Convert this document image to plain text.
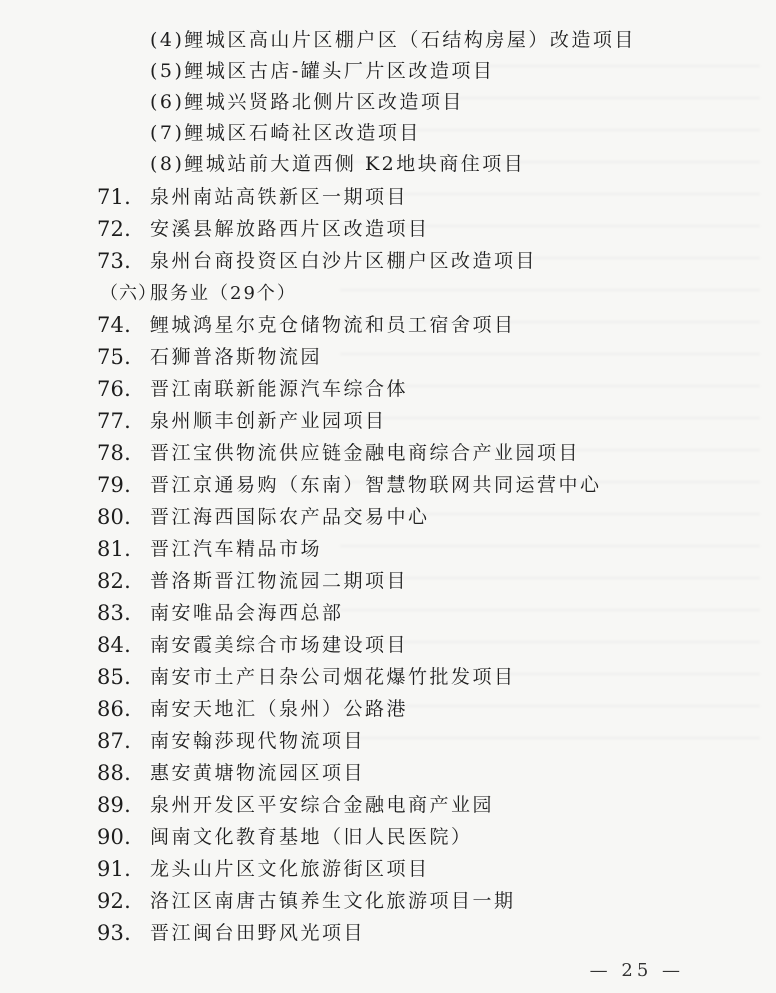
(4)鲤城区高山片区棚户区（石结构房屋）改造项目
(5)鲤城区古店-罐头厂片区改造项目
(6)鲤城兴贤路北侧片区改造项目
(7)鲤城区石崎社区改造项目
(8)鲤城站前大道西侧 K2地块商住项目
71. 泉州南站高铁新区一期项目
72. 安溪县解放路西片区改造项目
73. 泉州台商投资区白沙片区棚户区改造项目
（六）
服务业（29个）
74. 鲤城鸿星尔克仓储物流和员工宿舍项目
75. 石狮普洛斯物流园
76. 晋江南联新能源汽车综合体
77. 泉州顺丰创新产业园项目
78. 晋江宝供物流供应链金融电商综合产业园项目
79. 晋江京通易购（东南）智慧物联网共同运营中心
80. 晋江海西国际农产品交易中心
81. 晋江汽车精品市场
82. 普洛斯晋江物流园二期项目
83. 南安唯品会海西总部
84. 南安霞美综合市场建设项目
85. 南安市土产日杂公司烟花爆竹批发项目
86. 南安天地汇（泉州）公路港
87. 南安翰莎现代物流项目
88. 惠安黄塘物流园区项目
89. 泉州开发区平安综合金融电商产业园
90. 闽南文化教育基地（旧人民医院）
91. 龙头山片区文化旅游街区项目
92. 洛江区南唐古镇养生文化旅游项目一期
93. 晋江闽台田野风光项目
— 25 —
